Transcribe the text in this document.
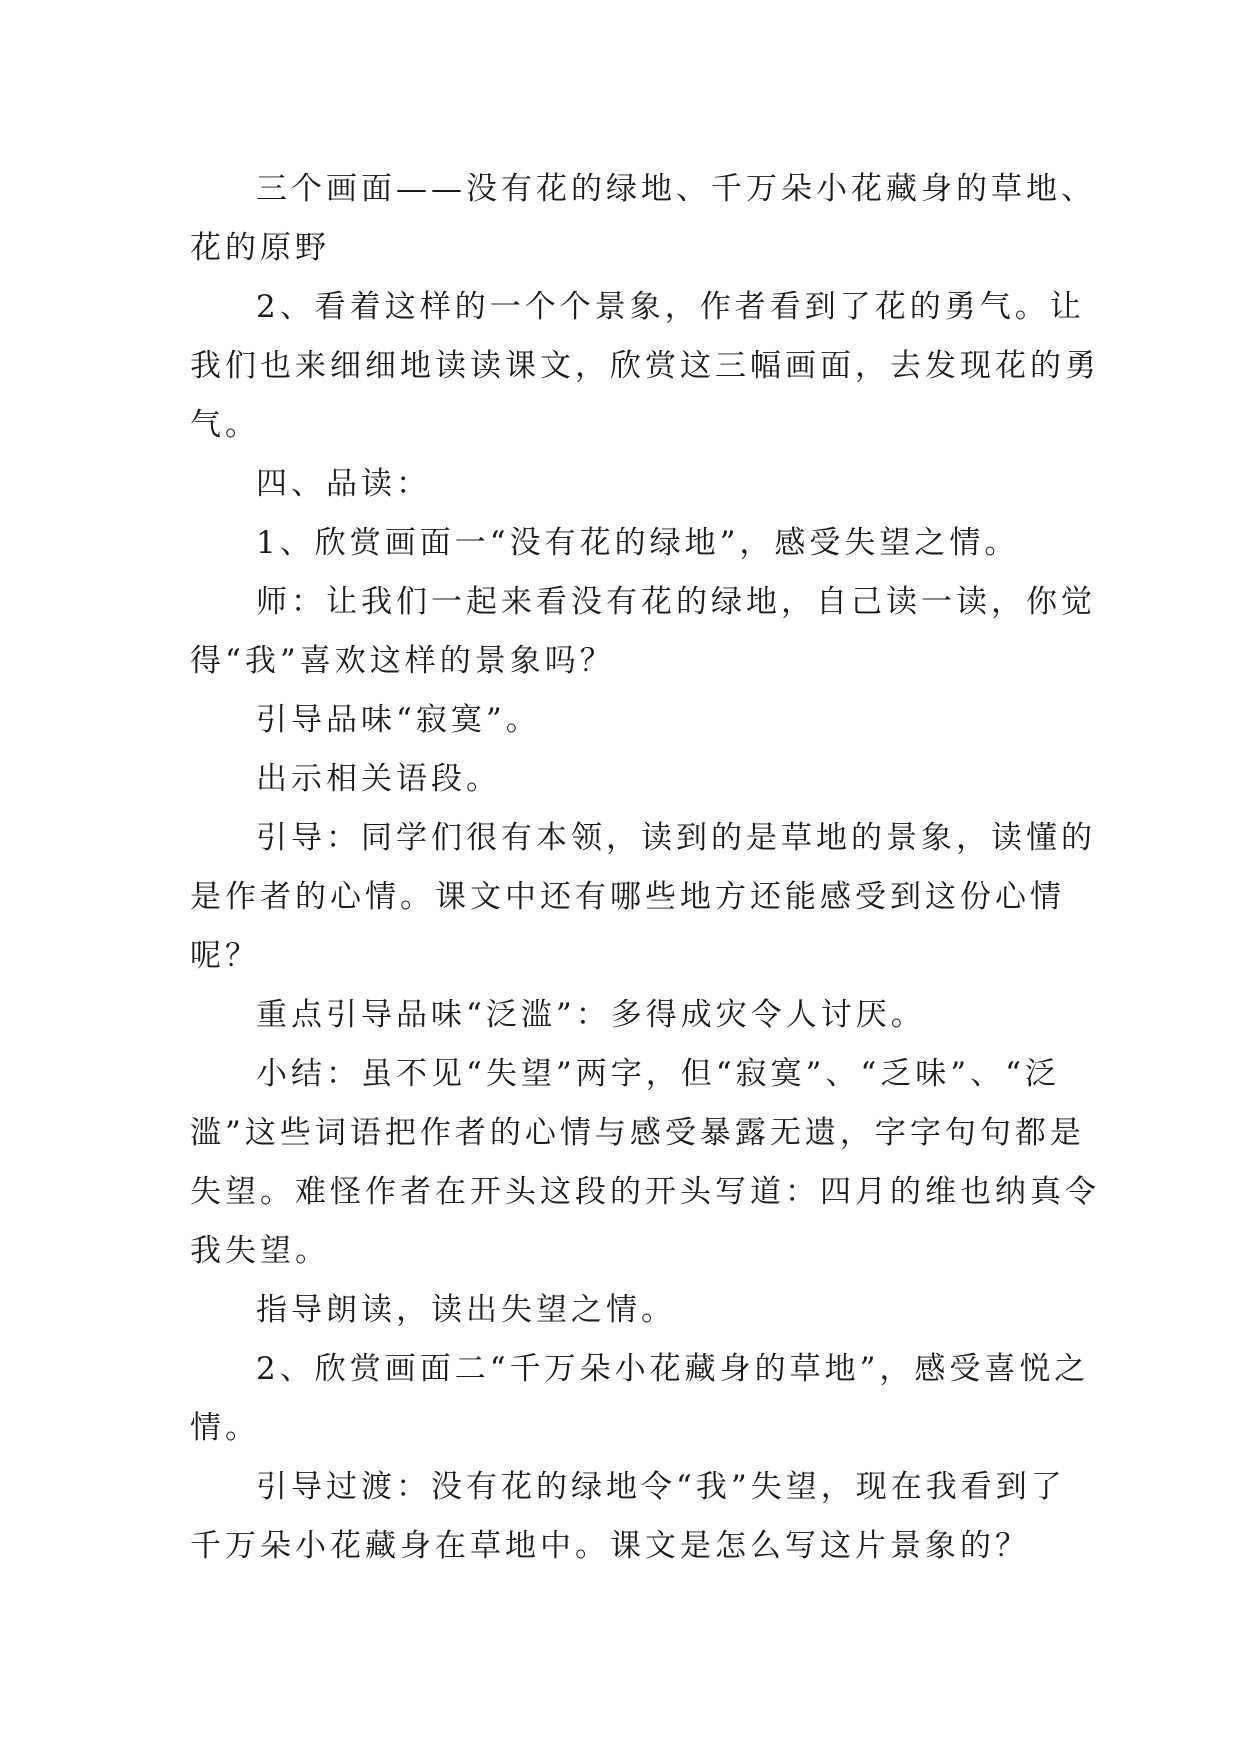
三个画面——没有花的绿地、千万朵小花藏身的草地、
花的原野
2、看着这样的一个个景象，作者看到了花的勇气。让
我们也来细细地读读课文，欣赏这三幅画面，去发现花的勇
气。
四、品读：
1、欣赏画面一“没有花的绿地”，感受失望之情。
师：让我们一起来看没有花的绿地，自己读一读，你觉
得“我”喜欢这样的景象吗？
引导品味“寂寞”。
出示相关语段。
引导：同学们很有本领，读到的是草地的景象，读懂的
是作者的心情。课文中还有哪些地方还能感受到这份心情
呢？
重点引导品味“泛滥”：多得成灾令人讨厌。
小结：虽不见“失望”两字，但“寂寞”、“乏味”、“泛
滥”这些词语把作者的心情与感受暴露无遗，字字句句都是
失望。难怪作者在开头这段的开头写道：四月的维也纳真令
我失望。
指导朗读，读出失望之情。
2、欣赏画面二“千万朵小花藏身的草地”，感受喜悦之
情。
引导过渡：没有花的绿地令“我”失望，现在我看到了
千万朵小花藏身在草地中。课文是怎么写这片景象的？
